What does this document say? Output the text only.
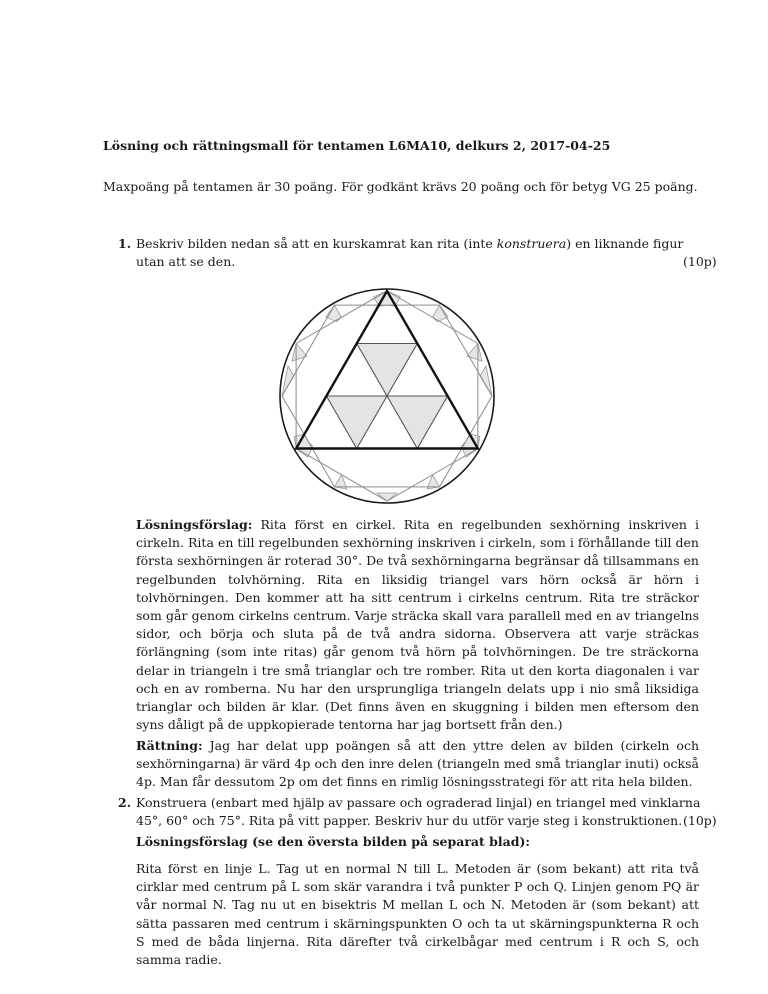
Lösning och rättningsmall för tentamen L6MA10, delkurs 2, 2017-04-25
Maxpoäng på tentamen är 30 poäng. För godkänt krävs 20 poäng och för betyg VG 25 poäng.
1. Beskriv bilden nedan så att en kurskamrat kan rita (inte konstruera) en liknande figur
utan att se den.	(10p)
Lösningsförslag: Rita först en cirkel. Rita en regelbunden sexhörning inskriven i cirkeln. Rita en till regelbunden sexhörning inskriven i cirkeln, som i förhållande till den första sexhörningen är roterad 30°. De två sexhörningarna begränsar då tillsammans en regelbunden tolvhörning. Rita en liksidig triangel vars hörn också är hörn i tolvhörningen. Den kommer att ha sitt centrum i cirkelns centrum. Rita tre sträckor som går genom cirkelns centrum. Varje sträcka skall vara parallell med en av triangelns sidor, och börja och sluta på de två andra sidorna. Observera att varje sträckas förlängning (som inte ritas) går genom två hörn på tolvhörningen. De tre sträckorna delar in triangeln i tre små trianglar och tre romber. Rita ut den korta diagonalen i var och en av romberna. Nu har den ursprungliga triangeln delats upp i nio små liksidiga trianglar och bilden är klar. (Det finns även en skuggning i bilden men eftersom den syns dåligt på de uppkopierade tentorna har jag bortsett från den.)
Rättning: Jag har delat upp poängen så att den yttre delen av bilden (cirkeln och sexhörningarna) är värd 4p och den inre delen (triangeln med små trianglar inuti) också 4p. Man får dessutom 2p om det finns en rimlig lösningsstrategi för att rita hela bilden.
2. Konstruera (enbart med hjälp av passare och ograderad linjal) en triangel med vinklarna
45°, 60° och 75°. Rita på vitt papper. Beskriv hur du utför varje steg i konstruktionen. (10p)
Lösningsförslag (se den översta bilden på separat blad):
Rita först en linje L. Tag ut en normal N till L. Metoden är (som bekant) att rita två cirklar med centrum på L som skär varandra i två punkter P och Q. Linjen genom PQ är vår normal N. Tag nu ut en bisektris M mellan L och N. Metoden är (som bekant) att sätta passaren med centrum i skärningspunkten O och ta ut skärningspunkterna R och S med de båda linjerna. Rita därefter två cirkelbågar med centrum i R och S, och samma radie.
